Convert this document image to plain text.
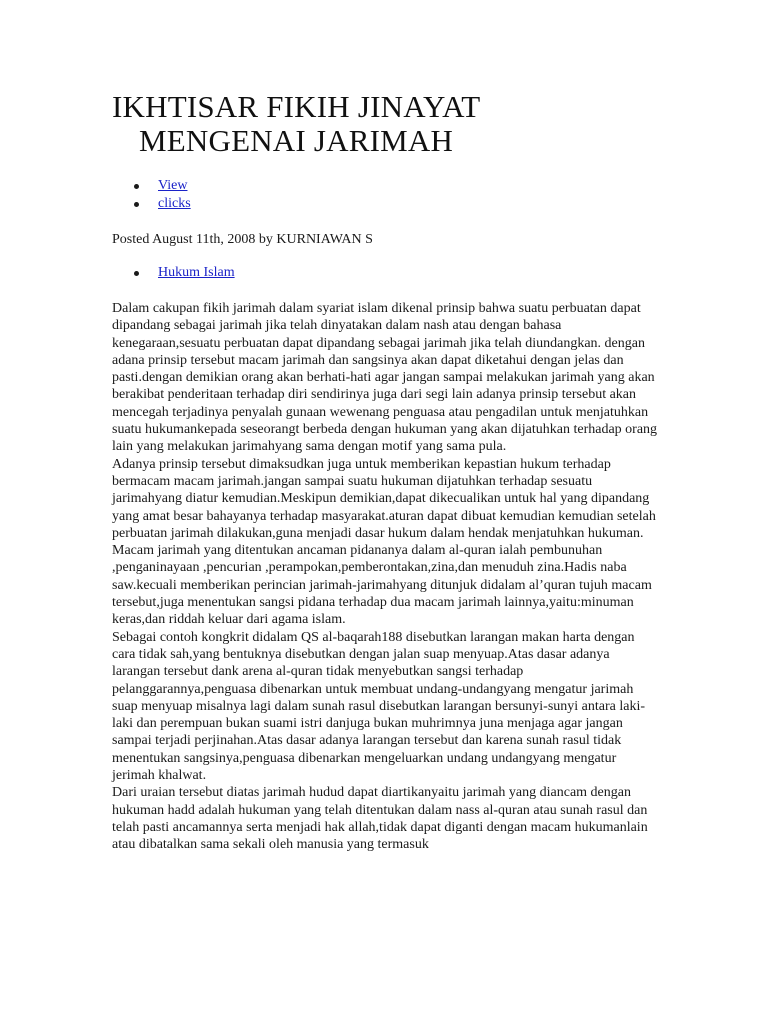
IKHTISAR FIKIH JINAYAT
MENGENAI JARIMAH
View
clicks
Posted August 11th, 2008 by KURNIAWAN S
Hukum Islam

Dalam cakupan fikih jarimah dalam syariat islam dikenal prinsip bahwa suatu perbuatan dapat dipandang sebagai jarimah jika telah dinyatakan dalam nash atau dengan bahasa kenegaraan,sesuatu perbuatan dapat dipandang sebagai jarimah jika telah diundangkan. dengan adana prinsip tersebut macam jarimah dan sangsinya akan dapat diketahui dengan jelas dan pasti.dengan demikian orang akan berhati-hati agar jangan sampai melakukan jarimah yang akan berakibat penderitaan terhadap diri sendirinya juga dari segi lain adanya prinsip tersebut akan mencegah terjadinya penyalah gunaan wewenang penguasa atau pengadilan untuk menjatuhkan suatu hukumankepada seseorangt berbeda dengan hukuman yang akan dijatuhkan terhadap orang lain yang melakukan jarimahyang sama dengan motif yang sama pula.

Adanya prinsip tersebut dimaksudkan juga untuk memberikan kepastian hukum terhadap bermacam macam jarimah.jangan sampai suatu hukuman dijatuhkan terhadap sesuatu jarimahyang diatur kemudian.Meskipun demikian,dapat dikecualikan untuk hal yang dipandang yang amat besar bahayanya terhadap masyarakat.aturan dapat dibuat kemudian kemudian setelah perbuatan jarimah dilakukan,guna menjadi dasar hukum dalam hendak menjatuhkan hukuman.

Macam jarimah yang ditentukan ancaman pidananya dalam al-quran ialah pembunuhan ,penganinayaan ,pencurian ,perampokan,pemberontakan,zina,dan menuduh zina.Hadis naba saw.kecuali memberikan perincian jarimah-jarimahyang ditunjuk didalam al’quran tujuh macam tersebut,juga menentukan sangsi pidana terhadap dua macam jarimah lainnya,yaitu:minuman keras,dan riddah keluar dari agama islam.

Sebagai contoh kongkrit didalam QS al-baqarah188 disebutkan larangan makan harta dengan cara tidak sah,yang bentuknya disebutkan dengan jalan suap menyuap.Atas dasar adanya larangan tersebut dank arena al-quran tidak menyebutkan sangsi terhadap pelanggarannya,penguasa dibenarkan untuk membuat undang-undangyang mengatur jarimah suap menyuap misalnya lagi dalam sunah rasul disebutkan larangan bersunyi-sunyi antara laki-laki dan perempuan bukan suami istri danjuga bukan muhrimnya juna menjaga agar jangan sampai terjadi perjinahan.Atas dasar adanya larangan tersebut dan karena sunah rasul tidak menentukan sangsinya,penguasa dibenarkan mengeluarkan undang undangyang mengatur jerimah khalwat.

Dari uraian tersebut diatas jarimah hudud dapat diartikanyaitu jarimah yang diancam dengan hukuman hadd adalah hukuman yang telah ditentukan dalam nass al-quran atau sunah rasul dan telah pasti ancamannya serta menjadi hak allah,tidak dapat diganti dengan macam hukumanlain atau dibatalkan sama sekali oleh manusia yang termasuk
